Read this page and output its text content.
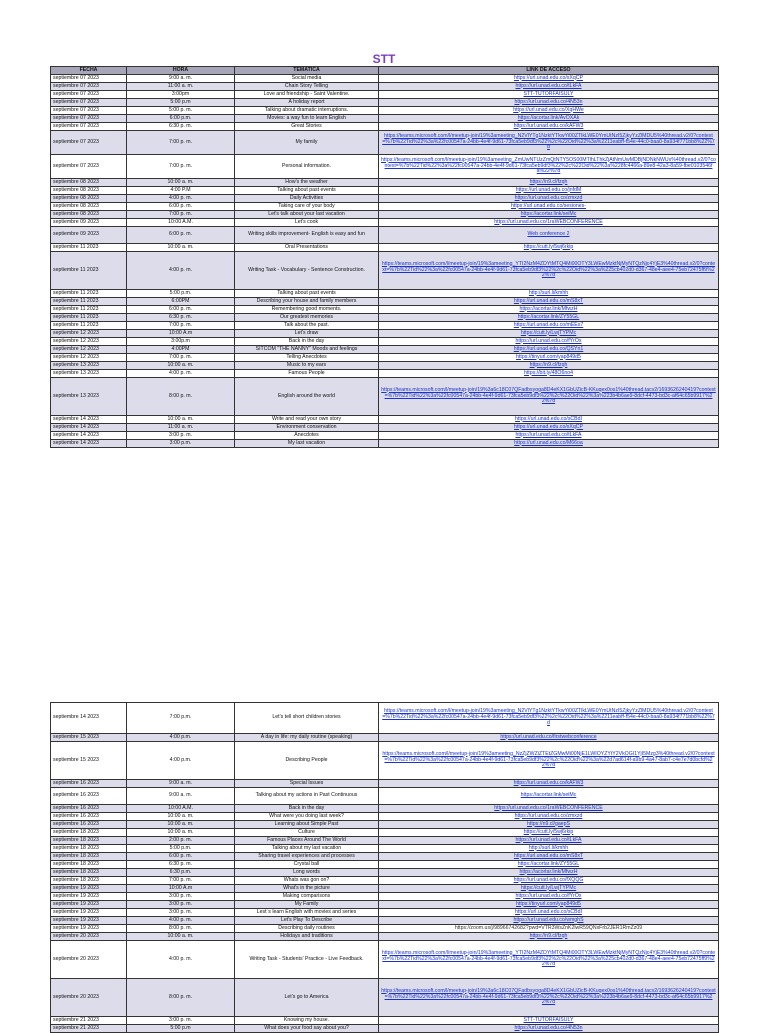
STT
FECHA	HORA	TEMATICA	LINK DE ACCESO
septiembre 07 2023	9:00 a. m.	Social media	https://url.unad.edu.co/xXqCP
septiembre 07 2023	11:00 a. m.	Chain Story Telling	https://url.unad.edu.co/tLkFA
septiembre 07 2023	3:00pm	Love and friendship - Saint Valentine.	STT-TUTORFAISULY
septiembre 07 2023	5:00 p.m	A holiday report	https://url.unad.edu.co/4N53n
septiembre 07 2023	5:00 p. m.	Talking about dramatic interruptions.	https://url.unad.edu.co/XqHWe
septiembre 07 2023	6:00 p.m.	Movies: a way fun to learn English	https://acortar.link/AvOXAk
septiembre 07 2023	6:30 p. m.	Great Stories	https://url.unad.edu.co/kAFW3
septiembre 07 2023	7:00 p. m.	My family	https://teams.microsoft.com/l/meetup-join/19%3ameeting_N2VlYTg1NzktYTkwYi00ZTlkLWE0YmUtNzI5ZjkyYzZlMDU5%40thread.v2/0?context=%7b%22Tid%22%3a%22fc00547a-24bb-4e4f-9d61-73fca5eb9df3%22%2c%22Oid%22%3a%2211eabff-f54e-44c0-baa0-8a934f771bb8%22%7d
septiembre 07 2023	7:00 p. m.	Personal information.	https://teams.microsoft.com/l/meetup-join/19%3ameeting_ZmUwNTUzZmQtNTY5OS00MTlhLThkZjAtNmUwMDBjNDNkNWUx%40thread.v2/0?context=%7b%22Tid%22%3a%22fc00547a-24bb-4e4f-9d61-73fca5eb9df3%22%2c%22Oid%22%3a%228fc4466a-89e8-42a3-8a59-fbe0103546fa%22%7d
septiembre 08 2023	10:00 a. m.	How's the weather	https://n9.cl/fzqh
septiembre 08 2023	4:00 P.M	Talking about past events	https://url.unad.edu.co/jnfdM
septiembre 08 2023	4:00 p. m.	Daily Activities	https://url.unad.edu.co/zmxzd
septiembre 08 2023	6:00 p. m.	Taking care of your body	https://url.unad.edu.co/sesiones-
septiembre 08 2023	7:00 p. m.	Let's talk about your last vacation	https://acortar.link/seiMc
septiembre 09 2023	10:00 A.M.	Let's cook	https://url.unad.edu.co/1raWEBCONFERENCE
septiembre 09 2023	6:00 p. m.	Writing skills improvement- English is easy and fun	Web conference 2
septiembre 11 2023	10:00 a. m.	Oral Presentations	https://cutt.ly/5wj6rkip
septiembre 11 2023	4:00 p. m.	Writing Task - Vocabulary - Sentence Construction.	https://teams.microsoft.com/l/meetup-join/19%3ameeting_YTI2NzM4ZDYtMTQ4Mi00OTY3LWEwMzktNjMyNTQzNjc4YjE3%40thread.v2/0?context=%7b%22Tid%22%3a%22fc00547a-24bb-4e4f-9d61-73fca5eb9df3%22%2c%22Oid%22%3a%225cb402d0-d367-48e4-aee4-75eb72475ff9%22%7d
septiembre 11 2023	5:00 p.m.	Talking about past events	http://surl.li/kmhh
septiembre 11 2023	6:00PM	Describing your house and family members	https://url.unad.edu.co/mS8xT
septiembre 11 2023	6:00 p. m.	Remembering good moments.	https://acortar.link/MfwzH
septiembre 11 2023	6:30 p. m.	Our greatest memories	https://acortar.link/ZY55GL
septiembre 11 2023	7:00 p. m.	Talk about the past.	https://url.unad.edu.co/mEEx7
septiembre 12 2023	10:00 A.m	Let's draw	https://cutt.ly/LwjTYPMc
septiembre 12 2023	3:00p.m	Back in the day	https://url.unad.edu.co/fYrOx
septiembre 12 2023	4:00PM	SITCOM "THE NANNY" Moods and feelings	https://url.unad.edu.co/QSYn1
septiembre 12 2023	7:00 p. m.	Telling Anecdotes	https://tinyurl.com/yap849d5
septiembre 13 2023	10:00 a. m.	Music to my ears	https://n9.cl/fzqh
septiembre 13 2023	4:00 p. m.	Famous People	https://bit.ly/48O6no4
septiembre 13 2023	8:00 p. m.	English around the world	https://teams.microsoft.com/l/meetup-join/19%3a6c18C07QFadbsyoga8D4eKX1GbUZicB-KKuqex0os1%40thread.tacv2/1693626240419?context=%7b%22Tid%22%3a%22fc00547a-24bb-4e4f-9d61-73fca5eb9df3%22%2c%22Oid%22%3a%223b4b6ae9-8dcf-4473-bd3c-af64c65b9917%22%7d
septiembre 14 2023	10:00 a. m.	Write and read your own story	https://url.unad.edu.co/sCBdI
septiembre 14 2023	11:00 a. m.	Environment conservation	https://url.unad.edu.co/xXqCP
septiembre 14 2023	3:00 p. m.	Anecdotes	https://url.unad.edu.co/tLkFA
septiembre 14 2023	3:00 p.m.	My last vacation	https://url.unad.edu.co/M66oa
septiembre 14 2023	7:00 p.m.	Let's tell short children stories	https://teams.microsoft.com/l/meetup-join/19%3ameeting_N2VlYTg1NzktYTkwYi00ZTlkLWE0YmUtNzI5ZjkyYzZlMDU5%40thread.v2/0?context=%7b%22Tid%22%3a%22fc00547a-24bb-4e4f-9d61-73fca5eb9df3%22%2c%22Oid%22%3a%2211eabff-f54e-44c0-baa0-8a934f771bb8%22%7d
septiembre 15 2023	4:00 p.m.	A day in life: my daily routine (speaking)	https://url.unad.edu.co/firstwebconference
septiembre 15 2023	4:00 p.m.	Describing People	https://teams.microsoft.com/l/meetup-join/19%3ameeting_NzZjZWZiZTEtZGMwMi00NjE1LWIOYZYtY2VkOGI1YjI5Mzg3%40thread.v2/0?context=%7b%22Tid%22%3a%22fc00547a-24bb-4e4f-9d61-73fca5eb9df3%22%2c%22Oid%22%3a%22d7ad614f-a9b9-4a47-8ab7-c4e7e7d0bcfd%22%7d
septiembre 16 2023	9:00 a. m.	Special Issues	https://url.unad.edu.co/kAFW3
septiembre 16 2023	9:00 a. m.	Talking about my actions in Past Continuous	https://acortar.link/seiMc
septiembre 16 2023	10:00 A.M.	Back in the day	https://url.unad.edu.co/1raWEBCONFERENCE
septiembre 16 2023	10:00 a. m.	What were you doing last week?	https://url.unad.edu.co/zmxzd
septiembre 16 2023	10:00 a. m.	Learning about Simple Past	https://n9.cl/gaepS
septiembre 18 2023	10:00 a. m.	Culture	https://cutt.ly/5wj6rkip
septiembre 18 2023	2:00 p. m.	Famous Places Around The World	https://url.unad.edu.co/tLkFA
septiembre 18 2023	5:00 p.m.	Talking about my last vacation	http://surl.li/kmhh
septiembre 18 2023	6:00 p. m.	Sharing travel experiences and processes	https://url.unad.edu.co/mS8xT
septiembre 18 2023	6:30 p. m.	Crystal ball	https://acortar.link/ZY55GL
septiembre 18 2023	6:30 p.m.	Long words	https://acortar.link/MfwzH
septiembre 18 2023	7:00 p. m.	Whats was gon on?	https://url.unad.edu.co/fXQQG
septiembre 19 2023	10:00 A.m	What's in the picture	https://cutt.ly/LwjTYPMc
septiembre 19 2023	3:00 p. m.	Making comparisons	https://url.unad.edu.co/fYrOx
septiembre 19 2023	3:00 p. m.	My Family	https://tinyurl.com/yap849d5
septiembre 19 2023	3:00 p. m.	Lest´s learn English with movies and series	https://url.unad.edu.co/sCBdI
septiembre 19 2023	4:00 p. m.	Let's Play To Describe	https://url.unad.edu.co/wmghS
septiembre 19 2023	8:00 p. m.	Describing daily routines	https://zoom.us/j/98966742682?pwd=VTR3WsZnK2lwR59QNxFrb2JER1RmZz09
septiembre 20 2023	10:00 a. m.	Holidays and traditions	https://n9.cl/fzqh
septiembre 20 2023	4:00 p. m.	Writing Task - Students' Practice - Live Feedback.	https://teams.microsoft.com/l/meetup-join/19%3ameeting_YTI2NzM4ZDYtMTQ4Mi00OTY3LWEwMzktNjMyNTQzNjc4YjE3%40thread.v2/0?context=%7b%22Tid%22%3a%22fc00547a-24bb-4e4f-9d61-73fca5eb9df3%22%2c%22Oid%22%3a%225cb402d0-d367-48e4-aee4-75eb72475ff9%22%7d
septiembre 20 2023	8:00 p. m.	Let's go to America	https://teams.microsoft.com/l/meetup-join/19%3a6c18C07QFadbsyoga8D4eKX1GbUZicB-KKuqex0os1%40thread.tacv2/1693626240419?context=%7b%22Tid%22%3a%22fc00547a-24bb-4e4f-9d61-73fca5eb9df3%22%2c%22Oid%22%3a%223b4b6ae9-8dcf-4473-bd3c-af64c65b9917%22%7d
septiembre 21 2023	3:00 p. m.	Knowing my house.	STT-TUTORFAISULY
septiembre 21 2023	5:00 p.m	What does your food say about you?	https://url.unad.edu.co/4N53n
